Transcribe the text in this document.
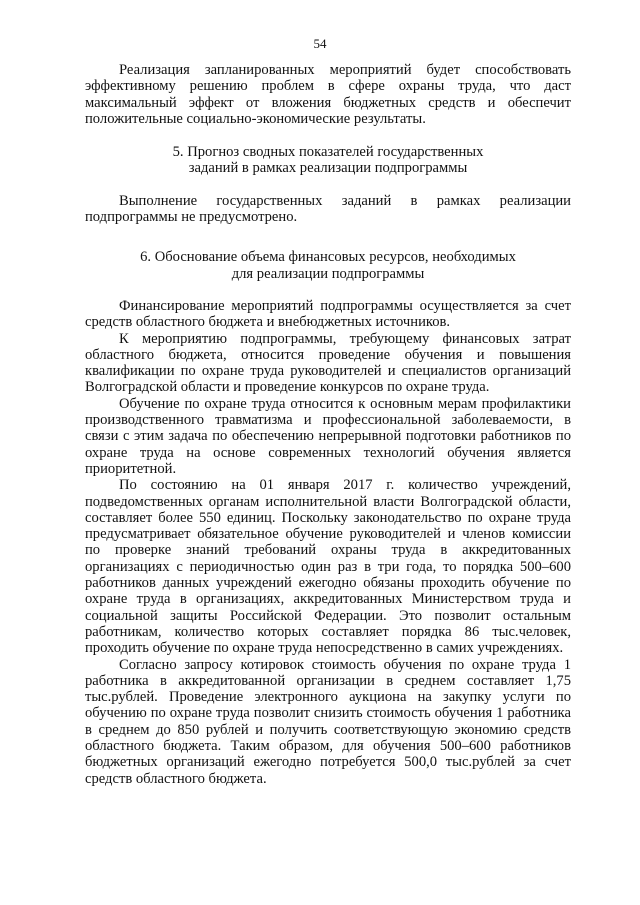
54

Реализация запланированных мероприятий будет способствовать эффективному решению проблем в сфере охраны труда, что даст максимальный эффект от вложения бюджетных средств и обеспечит положительные социально-экономические результаты.

5. Прогноз сводных показателей государственных

заданий в рамках реализации подпрограммы

Выполнение государственных заданий в рамках реализации подпрограммы не предусмотрено.

6. Обоснование объема финансовых ресурсов, необходимых

для реализации подпрограммы

Финансирование мероприятий подпрограммы осуществляется за счет средств областного бюджета и внебюджетных источников.

К мероприятию подпрограммы, требующему финансовых затрат областного бюджета, относится проведение обучения и повышения квалификации по охране труда руководителей и специалистов организаций Волгоградской области и проведение конкурсов по охране труда.

Обучение по охране труда относится к основным мерам профилактики производственного травматизма и профессиональной заболеваемости, в связи с этим задача по обеспечению непрерывной подготовки работников по охране труда на основе современных технологий обучения является приоритетной.

По состоянию на 01 января 2017 г. количество учреждений, подведомственных органам исполнительной власти Волгоградской области, составляет более 550 единиц. Поскольку законодательство по охране труда предусматривает обязательное обучение руководителей и членов комиссии по проверке знаний требований охраны труда в аккредитованных организациях с периодичностью один раз в три года, то порядка 500–600 работников данных учреждений ежегодно обязаны проходить обучение по охране труда в организациях, аккредитованных Министерством труда и социальной защиты Российской Федерации. Это позволит остальным работникам, количество которых составляет порядка 86 тыс.человек, проходить обучение по охране труда непосредственно в самих учреждениях.

Согласно запросу котировок стоимость обучения по охране труда 1 работника в аккредитованной организации в среднем составляет 1,75 тыс.рублей. Проведение электронного аукциона на закупку услуги по обучению по охране труда позволит снизить стоимость обучения 1 работника в среднем до 850 рублей и получить соответствующую экономию средств областного бюджета. Таким образом, для обучения 500–600 работников бюджетных организаций ежегодно потребуется 500,0 тыс.рублей за счет средств областного бюджета.
